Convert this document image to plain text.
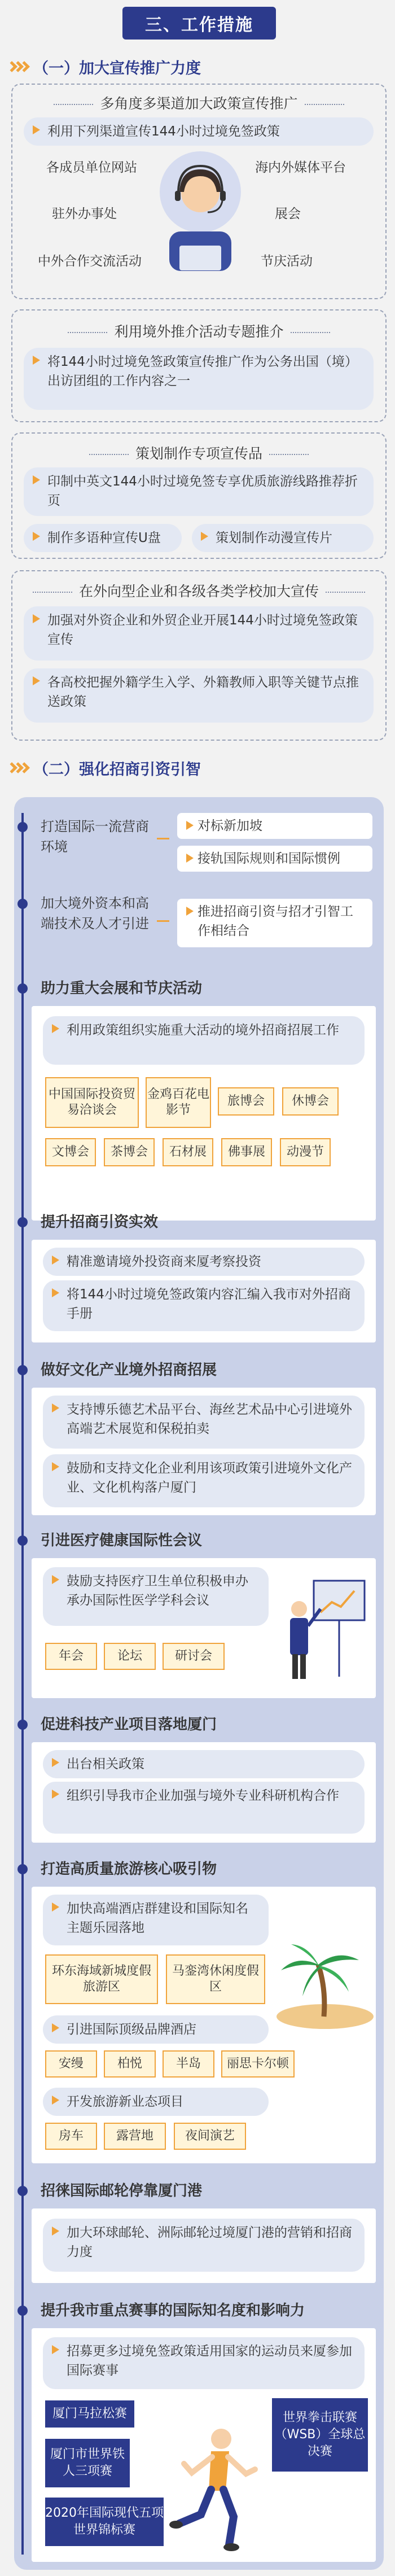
三、工作措施
（一）加大宣传推广力度
多角度多渠道加大政策宣传推广
利用下列渠道宣传144小时过境免签政策
各成员单位网站	海内外媒体平台
驻外办事处	展会
中外合作交流活动	节庆活动
利用境外推介活动专题推介
将144小时过境免签政策宣传推广作为公务出国（境）出访团组的工作内容之一
策划制作专项宣传品
印制中英文144小时过境免签专享优质旅游线路推荐折页
制作多语种宣传U盘	策划制作动漫宣传片
在外向型企业和各级各类学校加大宣传
加强对外资企业和外贸企业开展144小时过境免签政策宣传
各高校把握外籍学生入学、外籍教师入职等关键节点推送政策
（二）强化招商引资引智
打造国际一流营商环境
对标新加坡
接轨国际规则和国际惯例
加大境外资本和高端技术及人才引进
推进招商引资与招才引智工作相结合
助力重大会展和节庆活动
利用政策组织实施重大活动的境外招商招展工作
中国国际投资贸易洽谈会
金鸡百花电影节
旅博会	休博会
文博会	茶博会	石材展	佛事展	动漫节
提升招商引资实效
精准邀请境外投资商来厦考察投资
将144小时过境免签政策内容汇编入我市对外招商手册
做好文化产业境外招商招展
支持博乐德艺术品平台、海丝艺术品中心引进境外高端艺术展览和保税拍卖
鼓励和支持文化企业利用该项政策引进境外文化产业、文化机构落户厦门
引进医疗健康国际性会议
鼓励支持医疗卫生单位积极申办承办国际性医学学科会议
年会	论坛	研讨会
促进科技产业项目落地厦门
出台相关政策
组织引导我市企业加强与境外专业科研机构合作
打造高质量旅游核心吸引物
加快高端酒店群建设和国际知名主题乐园落地
环东海域新城度假旅游区
马銮湾休闲度假区
引进国际顶级品牌酒店
安缦	柏悦	半岛	丽思卡尔顿
开发旅游新业态项目
房车	露营地	夜间演艺
招徕国际邮轮停靠厦门港
加大环球邮轮、洲际邮轮过境厦门港的营销和招商力度
提升我市重点赛事的国际知名度和影响力
招募更多过境免签政策适用国家的运动员来厦参加国际赛事
厦门马拉松赛
厦门市世界铁人三项赛
2020年国际现代五项世界锦标赛
世界拳击联赛（WSB）全球总决赛
